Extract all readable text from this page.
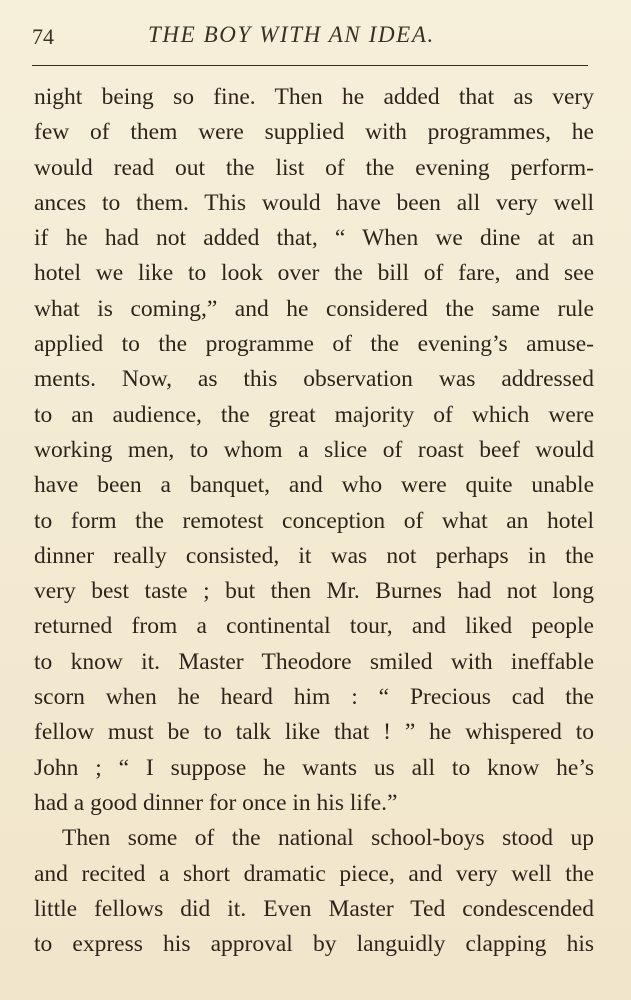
74	THE BOY WITH AN IDEA.
night being so fine. Then he added that as very
few of them were supplied with programmes, he
would read out the list of the evening perform-
ances to them. This would have been all very well
if he had not added that, “ When we dine at an
hotel we like to look over the bill of fare, and see
what is coming,” and he considered the same rule
applied to the programme of the evening’s amuse-
ments. Now, as this observation was addressed
to an audience, the great majority of which were
working men, to whom a slice of roast beef would
have been a banquet, and who were quite unable
to form the remotest conception of what an hotel
dinner really consisted, it was not perhaps in the
very best taste ; but then Mr. Burnes had not long
returned from a continental tour, and liked people
to know it. Master Theodore smiled with ineffable
scorn when he heard him : “ Precious cad the
fellow must be to talk like that ! ” he whispered to
John ; “ I suppose he wants us all to know he’s
had a good dinner for once in his life.”
Then some of the national school-boys stood up
and recited a short dramatic piece, and very well the
little fellows did it. Even Master Ted condescended
to express his approval by languidly clapping his
